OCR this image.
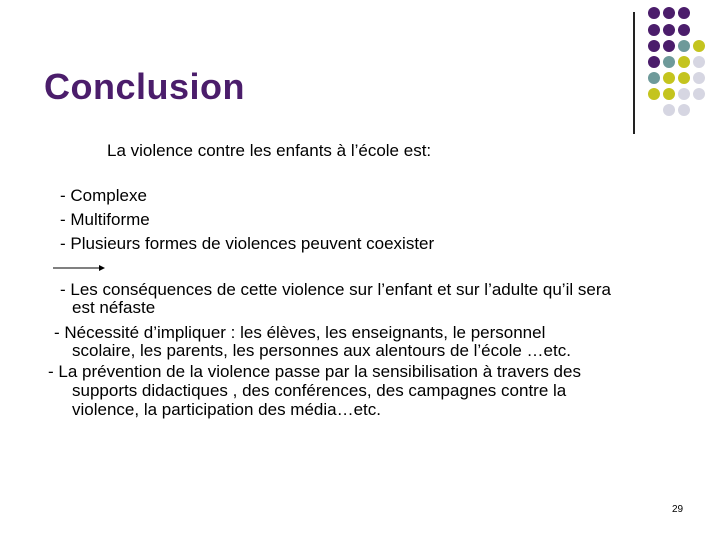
Conclusion
La violence contre les enfants à l’école est:
- Complexe
- Multiforme
- Plusieurs formes de violences peuvent coexister
- Les conséquences de cette violence sur l’enfant et sur l’adulte qu’il sera
est néfaste
- Nécessité d’impliquer : les élèves, les enseignants, le personnel
scolaire, les parents, les personnes aux alentours de l’école …etc.
- La prévention de la violence passe par la sensibilisation à travers des
supports didactiques , des conférences, des campagnes contre la
violence, la participation des média…etc.
29
